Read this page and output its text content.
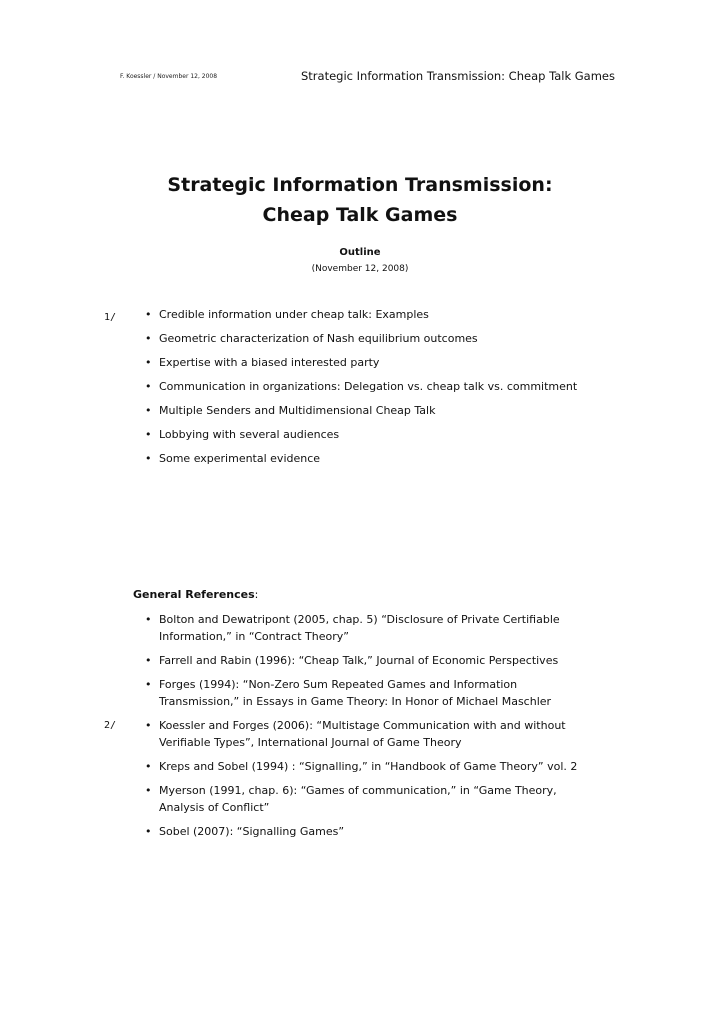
F. Koessler / November 12, 2008	Strategic Information Transmission: Cheap Talk Games
Strategic Information Transmission:
Cheap Talk Games
Outline
(November 12, 2008)
1/	• Credible information under cheap talk: Examples
• Geometric characterization of Nash equilibrium outcomes
• Expertise with a biased interested party
• Communication in organizations: Delegation vs. cheap talk vs. commitment
• Multiple Senders and Multidimensional Cheap Talk
• Lobbying with several audiences
• Some experimental evidence
General References:
2/
• Bolton and Dewatripont (2005, chap. 5) “Disclosure of Private Certifiable
Information,” in “Contract Theory”
• Farrell and Rabin (1996): “Cheap Talk,” Journal of Economic Perspectives
• Forges (1994): “Non-Zero Sum Repeated Games and Information
Transmission,” in Essays in Game Theory: In Honor of Michael Maschler
• Koessler and Forges (2006): “Multistage Communication with and without
Verifiable Types”, International Journal of Game Theory
• Kreps and Sobel (1994) : “Signalling,” in “Handbook of Game Theory” vol. 2
• Myerson (1991, chap. 6): “Games of communication,” in “Game Theory,
Analysis of Conflict”
• Sobel (2007): “Signalling Games”
